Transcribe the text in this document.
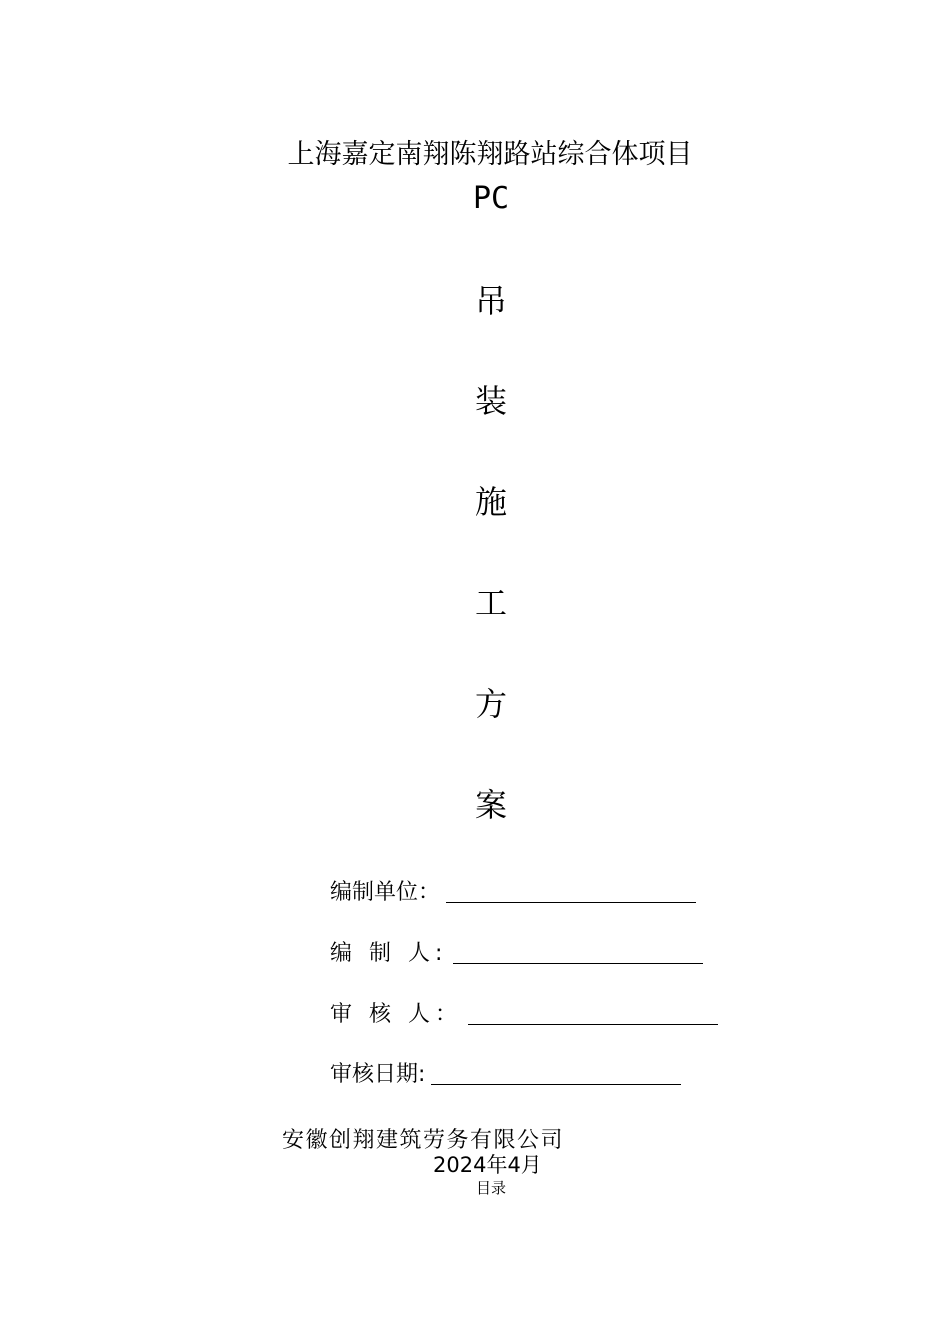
上海嘉定南翔陈翔路站综合体项目
PC
吊
装
施
工
方
案
编制单位：
编 制 人:
审 核 人：
审核日期:
安徽创翔建筑劳务有限公司
2024年4月
目录
